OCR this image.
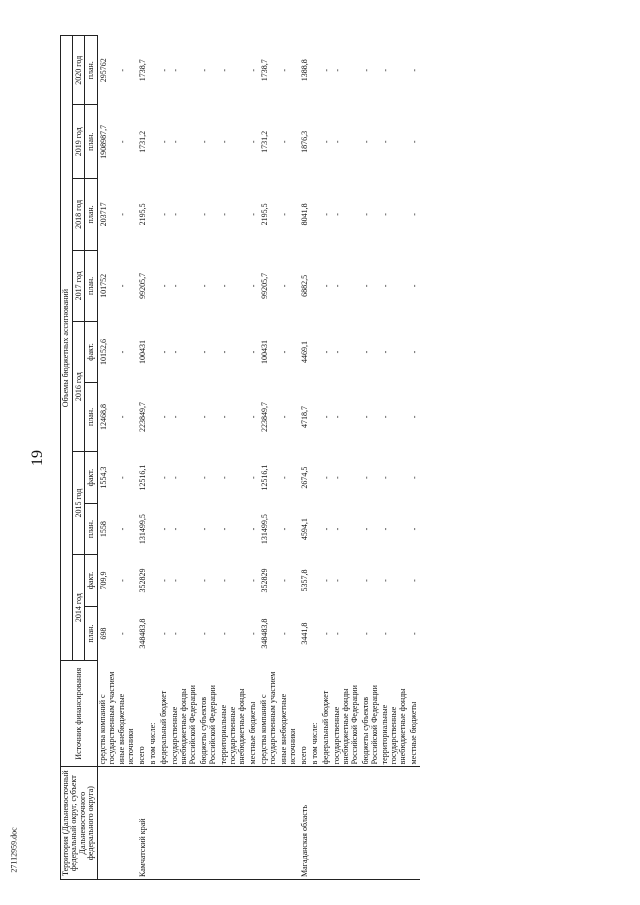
19
27112959.doc	Территория (Дальневосточный федеральный округ, субъект Дальневосточного федерального округа)	Источник финансирования	Объемы бюджетных ассигнований									
		2014 год		2015 год		2016 год		2017 год	2018 год	2019 год	2020 год
		план.	факт.	план.	факт.	план.	факт.	план.	план.	план.	план.
	средства компаний с государственным участием	698	709,9	1558	1554,3	12468,8	10152,6	101752	203717	1908987,7	295762
	иные внебюджетные источники	-	-	-	-	-	-	-	-	-	-
Камчатский край	всего	348483,8	352829	131499,5	12516,1	223849,7	100431	99205,7	2195,5	1731,2	1738,7
	в том числе:										
	федеральный бюджет	-	-	-	-	-	-	-	-	-	-
	государственные внебюджетные фонды Российской Федерации	-	-	-	-	-	-	-	-	-	-
	бюджеты субъектов Российской Федерации	-	-	-	-	-	-	-	-	-	-
	территориальные государственные внебюджетные фонды	-	-	-	-	-	-	-	-	-	-
	местные бюджеты	-	-	-	-	-	-	-	-	-	-
	средства компаний с государственным участием	348483,8	352829	131499,5	12516,1	223849,7	100431	99205,7	2195,5	1731,2	1738,7
	иные внебюджетные источники	-	-	-	-	-	-	-	-	-	-
Магаданская область	всего	3441,8	5357,8	4594,1	2674,5	4718,7	4469,1	6882,5	8041,8	1876,3	1388,8
	в том числе:										
	федеральный бюджет	-	-	-	-	-	-	-	-	-	-
	государственные внебюджетные фонды Российской Федерации	-	-	-	-	-	-	-	-	-	-
	бюджеты субъектов Российской Федерации	-	-	-	-	-	-	-	-	-	-
	территориальные государственные внебюджетные фонды	-	-	-	-	-	-	-	-	-	-
	местные бюджеты	-	-	-	-	-	-	-	-	-	-
